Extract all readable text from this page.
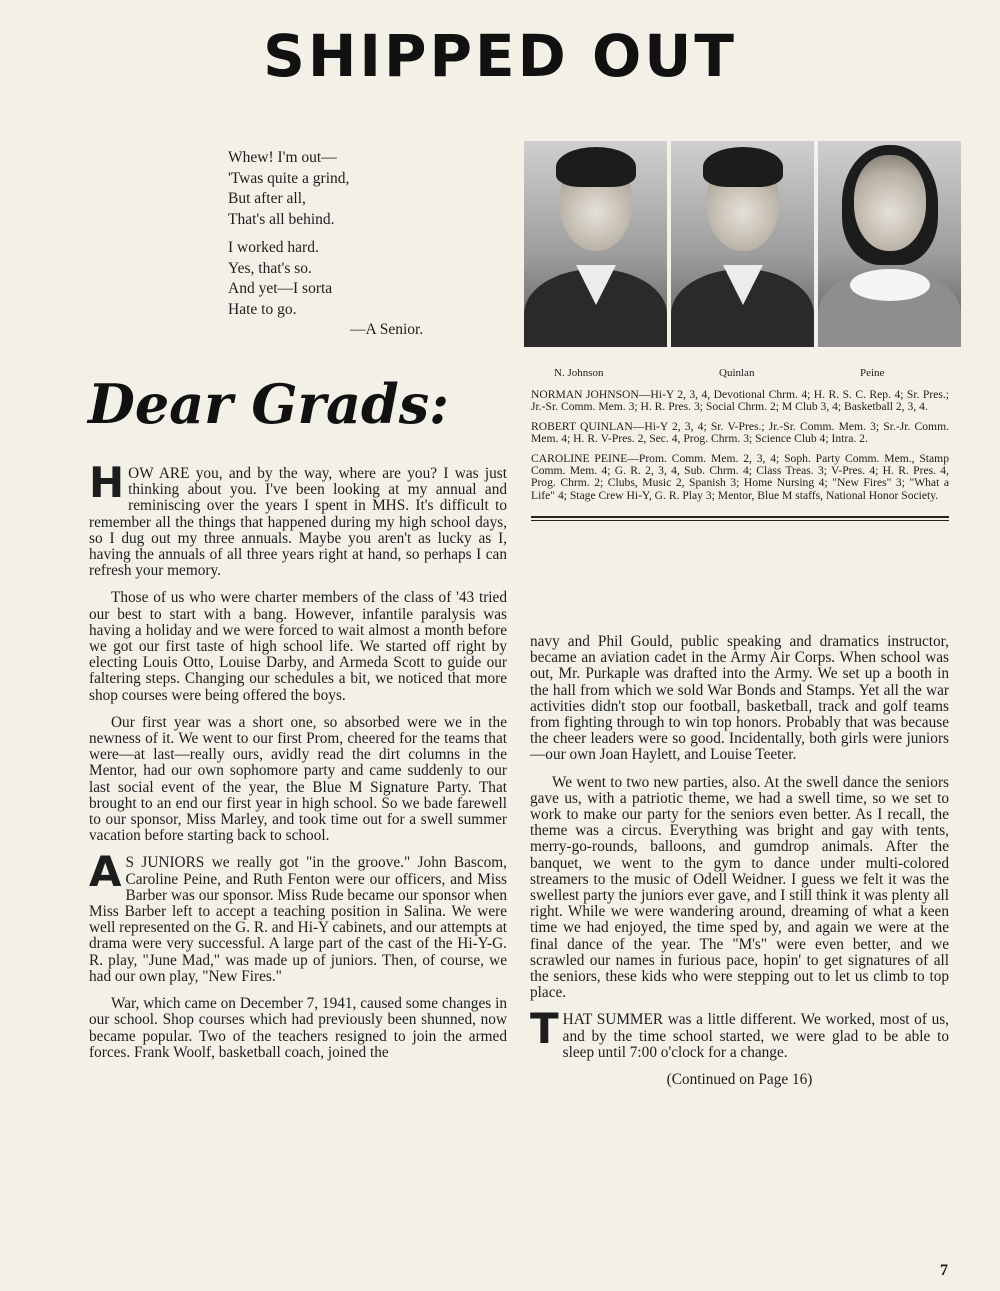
SHIPPED OUT
Whew! I'm out—
'Twas quite a grind,
But after all,
That's all behind.
I worked hard.
Yes, that's so.
And yet—I sorta
Hate to go.
—A Senior.
N. Johnson	Quinlan	Peine

NORMAN JOHNSON—Hi-Y 2, 3, 4, Devotional Chrm. 4; H. R. S. C. Rep. 4; Sr. Pres.; Jr.-Sr. Comm. Mem. 3; H. R. Pres. 3; Social Chrm. 2; M Club 3, 4; Basketball 2, 3, 4.

ROBERT QUINLAN—Hi-Y 2, 3, 4; Sr. V-Pres.; Jr.-Sr. Comm. Mem. 3; Sr.-Jr. Comm. Mem. 4; H. R. V-Pres. 2, Sec. 4, Prog. Chrm. 3; Science Club 4; Intra. 2.

CAROLINE PEINE—Prom. Comm. Mem. 2, 3, 4; Soph. Party Comm. Mem., Stamp Comm. Mem. 4; G. R. 2, 3, 4, Sub. Chrm. 4; Class Treas. 3; V-Pres. 4; H. R. Pres. 4, Prog. Chrm. 2; Clubs, Music 2, Spanish 3; Home Nursing 4; "New Fires" 3; "What a Life" 4; Stage Crew Hi-Y, G. R. Play 3; Mentor, Blue M staffs, National Honor Society.

Dear Grads:

HOW ARE you, and by the way, where are you? I was just thinking about you. I've been looking at my annual and reminiscing over the years I spent in MHS. It's difficult to remember all the things that happened during my high school days, so I dug out my three annuals. Maybe you aren't as lucky as I, having the annuals of all three years right at hand, so perhaps I can refresh your memory.

Those of us who were charter members of the class of '43 tried our best to start with a bang. However, infantile paralysis was having a holiday and we were forced to wait almost a month before we got our first taste of high school life. We started off right by electing Louis Otto, Louise Darby, and Armeda Scott to guide our faltering steps. Changing our schedules a bit, we noticed that more shop courses were being offered the boys.

Our first year was a short one, so absorbed were we in the newness of it. We went to our first Prom, cheered for the teams that were—at last—really ours, avidly read the dirt columns in the Mentor, had our own sophomore party and came suddenly to our last social event of the year, the Blue M Signature Party. That brought to an end our first year in high school. So we bade farewell to our sponsor, Miss Marley, and took time out for a swell summer vacation before starting back to school.

A S JUNIORS we really got "in the groove." John Bascom, Caroline Peine, and Ruth Fenton were our officers, and Miss Barber was our sponsor. Miss Rude became our sponsor when Miss Barber left to accept a teaching position in Salina. We were well represented on the G. R. and Hi-Y cabinets, and our attempts at drama were very successful. A large part of the cast of the Hi-Y-G. R. play, "June Mad," was made up of juniors. Then, of course, we had our own play, "New Fires."

War, which came on December 7, 1941, caused some changes in our school. Shop courses which had previously been shunned, now became popular. Two of the teachers resigned to join the armed forces. Frank Woolf, basketball coach, joined the

navy and Phil Gould, public speaking and dramatics instructor, became an aviation cadet in the Army Air Corps. When school was out, Mr. Purkaple was drafted into the Army. We set up a booth in the hall from which we sold War Bonds and Stamps. Yet all the war activities didn't stop our football, basketball, track and golf teams from fighting through to win top honors. Probably that was because the cheer leaders were so good. Incidentally, both girls were juniors—our own Joan Haylett, and Louise Teeter.

We went to two new parties, also. At the swell dance the seniors gave us, with a patriotic theme, we had a swell time, so we set to work to make our party for the seniors even better. As I recall, the theme was a circus. Everything was bright and gay with tents, merry-go-rounds, balloons, and gumdrop animals. After the banquet, we went to the gym to dance under multi-colored streamers to the music of Odell Weidner. I guess we felt it was the swellest party the juniors ever gave, and I still think it was plenty all right. While we were wandering around, dreaming of what a keen time we had enjoyed, the time sped by, and again we were at the final dance of the year. The "M's" were even better, and we scrawled our names in furious pace, hopin' to get signatures of all the seniors, these kids who were stepping out to let us climb to top place.

THAT SUMMER was a little different. We worked, most of us, and by the time school started, we were glad to be able to sleep until 7:00 o'clock for a change.

(Continued on Page 16)

7
